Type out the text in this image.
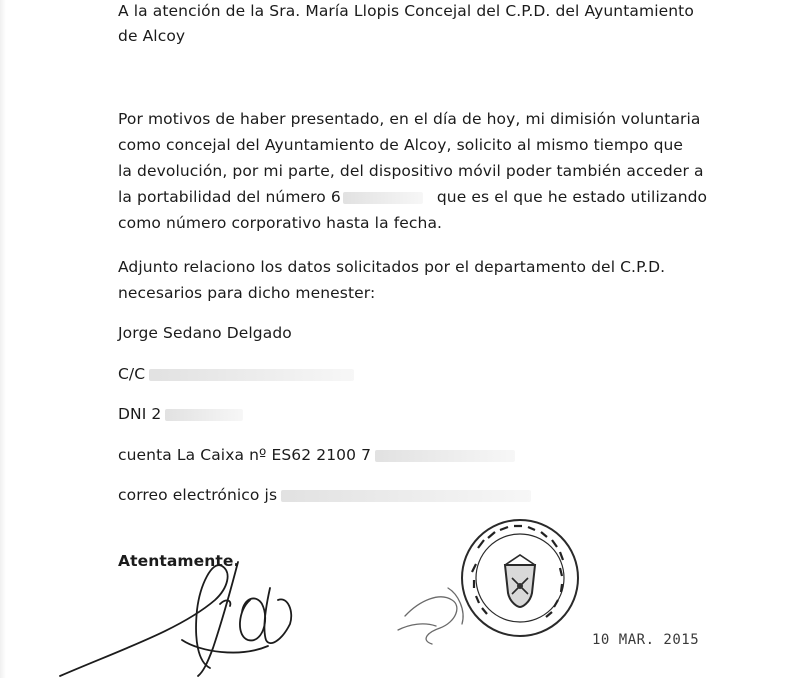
A la atención de la Sra. María Llopis Concejal del C.P.D. del Ayuntamiento
de Alcoy
Por motivos de haber presentado, en el día de hoy, mi dimisión voluntaria
como concejal del Ayuntamiento de Alcoy, solicito al mismo tiempo que
la devolución, por mi parte, del dispositivo móvil poder también acceder a
la portabilidad del número 6	que es el que he estado utilizando
como número corporativo hasta la fecha.
Adjunto relaciono los datos solicitados por el departamento del C.P.D.
necesarios para dicho menester:
Jorge Sedano Delgado
C/C
DNI 2
cuenta La Caixa nº ES62 2100 7
correo electrónico js
Atentamente.
10 MAR. 2015
